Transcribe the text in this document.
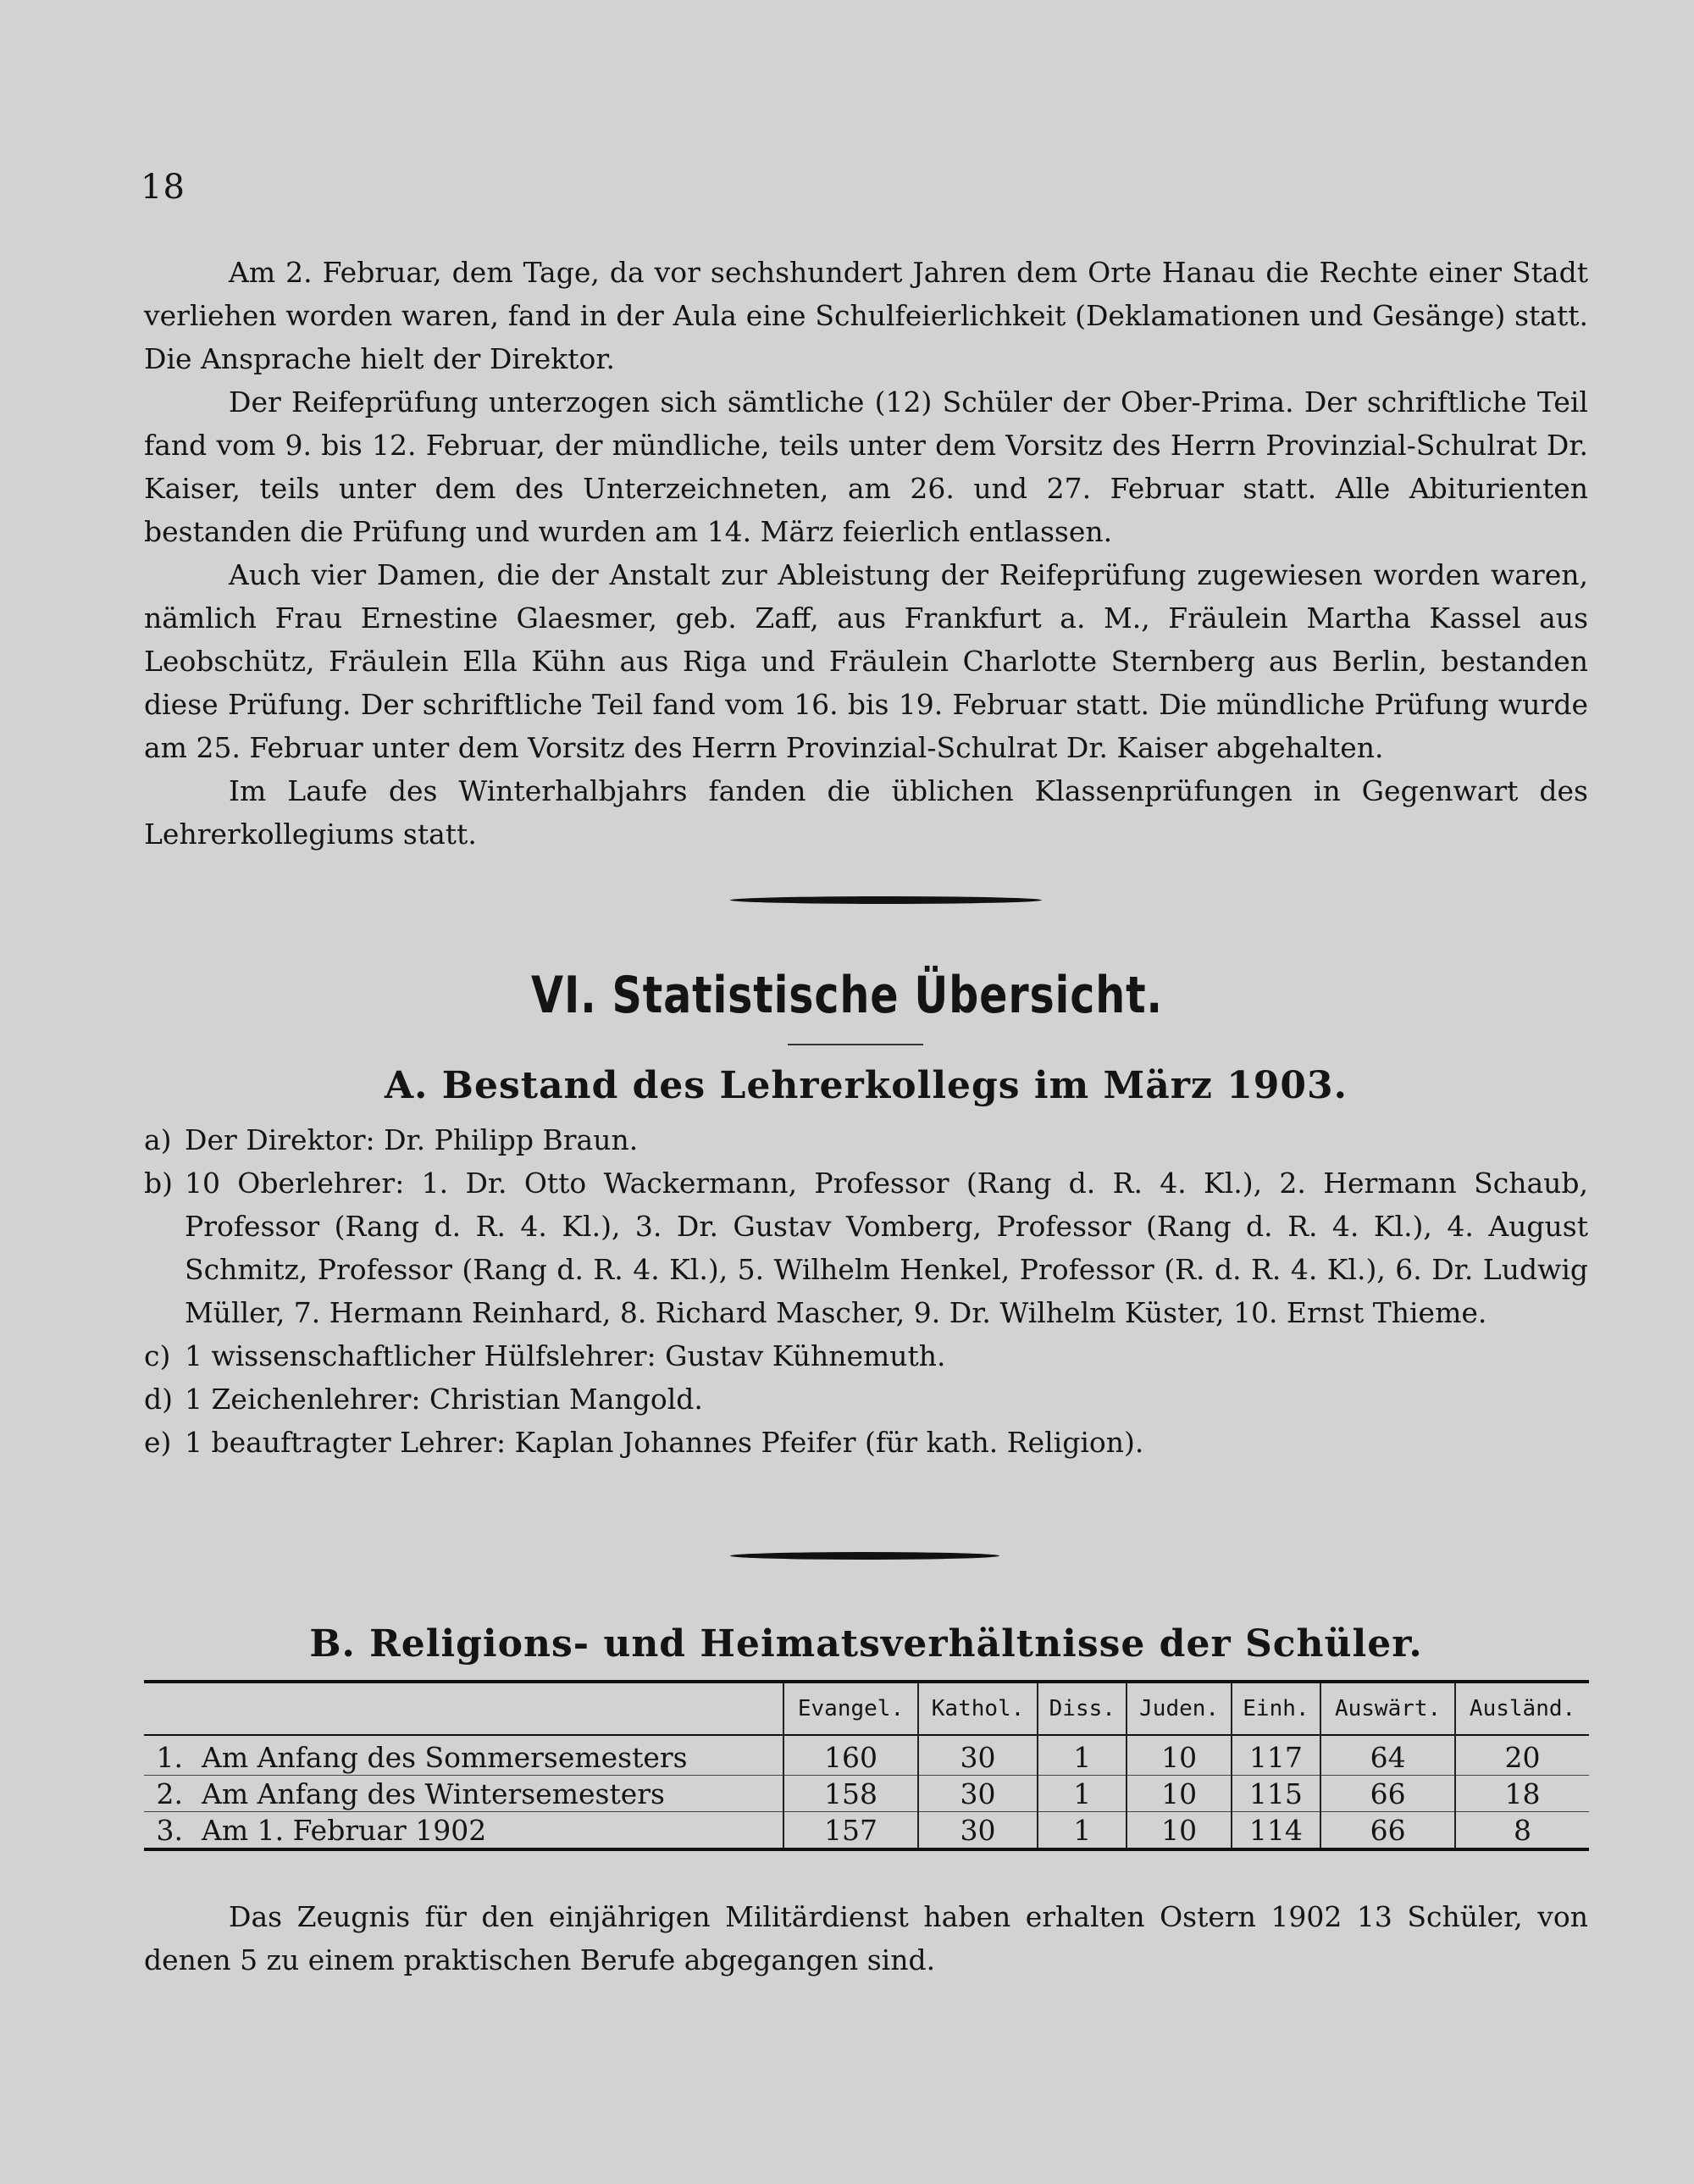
18

Am 2. Februar, dem Tage, da vor sechshundert Jahren dem Orte Hanau die Rechte einer Stadt verliehen worden waren, fand in der Aula eine Schulfeierlichkeit (Deklamationen und Gesänge) statt. Die Ansprache hielt der Direktor.

Der Reifeprüfung unterzogen sich sämtliche (12) Schüler der Ober-Prima. Der schriftliche Teil fand vom 9. bis 12. Februar, der mündliche, teils unter dem Vorsitz des Herrn Provinzial-Schulrat Dr. Kaiser, teils unter dem des Unterzeichneten, am 26. und 27. Februar statt. Alle Abiturienten bestanden die Prüfung und wurden am 14. März feierlich entlassen.

Auch vier Damen, die der Anstalt zur Ableistung der Reifeprüfung zugewiesen worden waren, nämlich Frau Ernestine Glaesmer, geb. Zaff, aus Frankfurt a. M., Fräulein Martha Kassel aus Leobschütz, Fräulein Ella Kühn aus Riga und Fräulein Charlotte Sternberg aus Berlin, bestanden diese Prüfung. Der schriftliche Teil fand vom 16. bis 19. Februar statt. Die mündliche Prüfung wurde am 25. Februar unter dem Vorsitz des Herrn Provinzial-Schulrat Dr. Kaiser abgehalten.

Im Laufe des Winterhalbjahrs fanden die üblichen Klassenprüfungen in Gegenwart des Lehrerkollegiums statt.

VI. Statistische Übersicht.
A. Bestand des Lehrerkollegs im März 1903.
a) Der Direktor: Dr. Philipp Braun.
b) 10 Oberlehrer: 1. Dr. Otto Wackermann, Professor (Rang d. R. 4. Kl.), 2. Hermann Schaub, Professor (Rang d. R. 4. Kl.), 3. Dr. Gustav Vomberg, Professor (Rang d. R. 4. Kl.), 4. August Schmitz, Professor (Rang d. R. 4. Kl.), 5. Wilhelm Henkel, Professor (R. d. R. 4. Kl.), 6. Dr. Ludwig Müller, 7. Hermann Reinhard, 8. Richard Mascher, 9. Dr. Wilhelm Küster, 10. Ernst Thieme.
c) 1 wissenschaftlicher Hülfslehrer: Gustav Kühnemuth.
d) 1 Zeichenlehrer: Christian Mangold.
e) 1 beauftragter Lehrer: Kaplan Johannes Pfeifer (für kath. Religion).
B. Religions- und Heimatsverhältnisse der Schüler.
		Evangel.	Kathol.	Diss.	Juden.	Einh.	Auswärt.	Ausländ.
1.	Am Anfang des Sommersemesters	160	30	1	10	117	64	20
2.	Am Anfang des Wintersemesters	158	30	1	10	115	66	18
3.	Am 1. Februar 1902	157	30	1	10	114	66	8

Das Zeugnis für den einjährigen Militärdienst haben erhalten Ostern 1902 13 Schüler, von denen 5 zu einem praktischen Berufe abgegangen sind.
